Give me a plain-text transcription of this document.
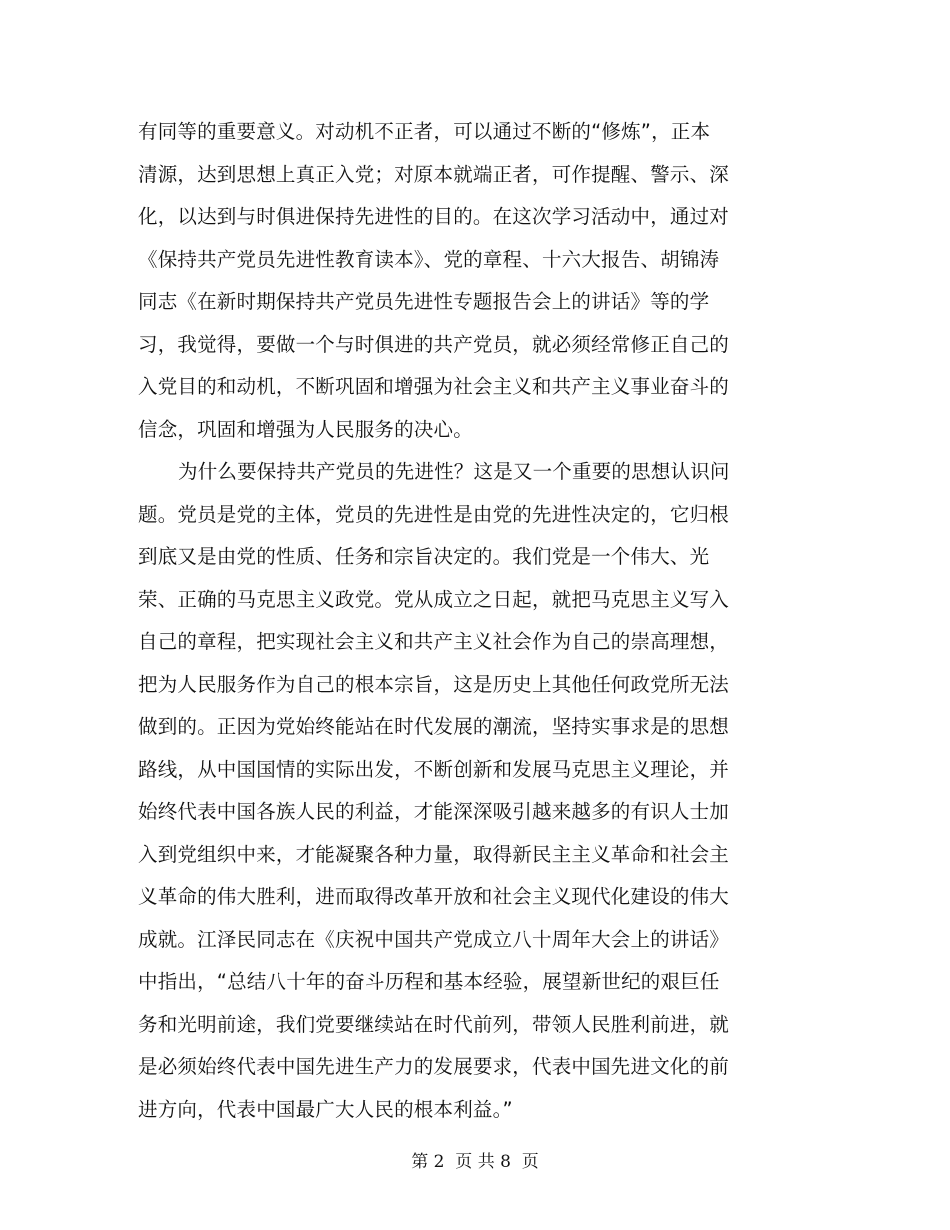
有同等的重要意义。对动机不正者，可以通过不断的“修炼”，正本
清源，达到思想上真正入党；对原本就端正者，可作提醒、警示、深
化，以达到与时俱进保持先进性的目的。在这次学习活动中，通过对
《保持共产党员先进性教育读本》、党的章程、十六大报告、胡锦涛
同志《在新时期保持共产党员先进性专题报告会上的讲话》等的学
习，我觉得，要做一个与时俱进的共产党员，就必须经常修正自己的
入党目的和动机，不断巩固和增强为社会主义和共产主义事业奋斗的
信念，巩固和增强为人民服务的决心。
为什么要保持共产党员的先进性？这是又一个重要的思想认识问
题。党员是党的主体，党员的先进性是由党的先进性决定的，它归根
到底又是由党的性质、任务和宗旨决定的。我们党是一个伟大、光
荣、正确的马克思主义政党。党从成立之日起，就把马克思主义写入
自己的章程，把实现社会主义和共产主义社会作为自己的崇高理想，
把为人民服务作为自己的根本宗旨，这是历史上其他任何政党所无法
做到的。正因为党始终能站在时代发展的潮流，坚持实事求是的思想
路线，从中国国情的实际出发，不断创新和发展马克思主义理论，并
始终代表中国各族人民的利益，才能深深吸引越来越多的有识人士加
入到党组织中来，才能凝聚各种力量，取得新民主主义革命和社会主
义革命的伟大胜利，进而取得改革开放和社会主义现代化建设的伟大
成就。江泽民同志在《庆祝中国共产党成立八十周年大会上的讲话》
中指出，“总结八十年的奋斗历程和基本经验，展望新世纪的艰巨任
务和光明前途，我们党要继续站在时代前列，带领人民胜利前进，就
是必须始终代表中国先进生产力的发展要求，代表中国先进文化的前
进方向，代表中国最广大人民的根本利益。”
第 2  页 共 8  页
